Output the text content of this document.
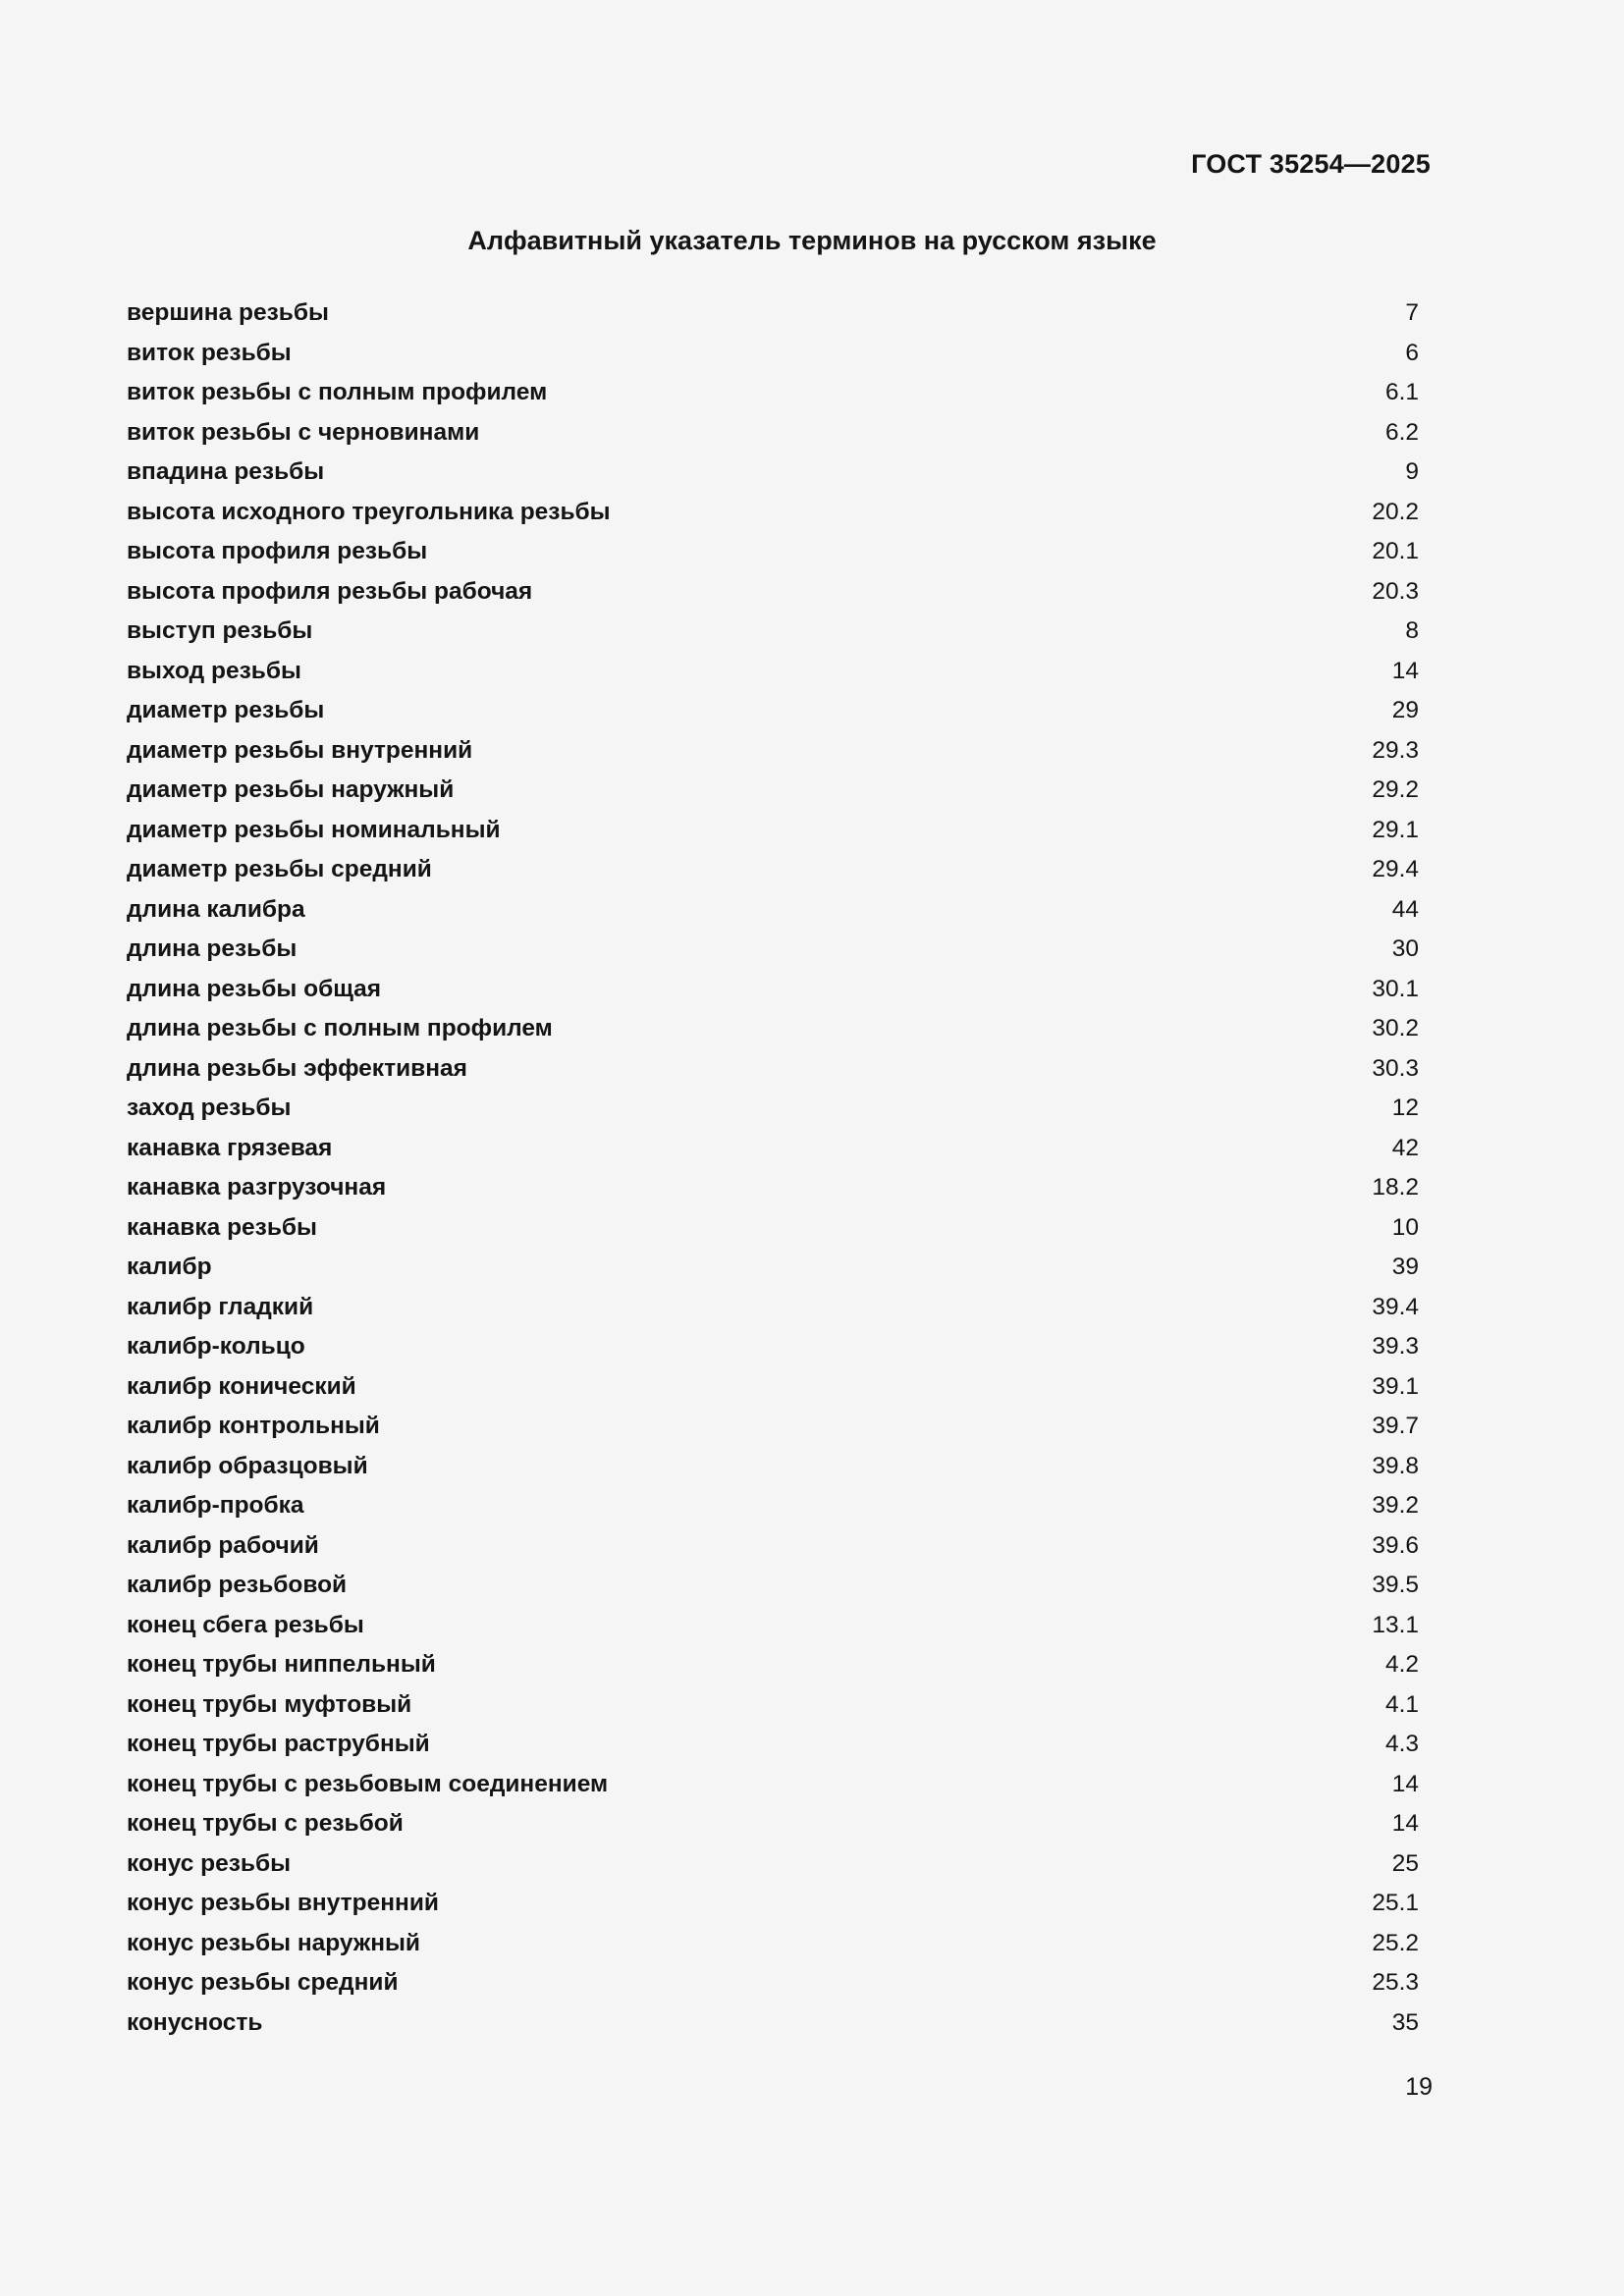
ГОСТ 35254—2025
Алфавитный указатель терминов на русском языке
вершина резьбы	7
виток резьбы	6
виток резьбы с полным профилем	6.1
виток резьбы с черновинами	6.2
впадина резьбы	9
высота исходного треугольника резьбы	20.2
высота профиля резьбы	20.1
высота профиля резьбы рабочая	20.3
выступ резьбы	8
выход резьбы	14
диаметр резьбы	29
диаметр резьбы внутренний	29.3
диаметр резьбы наружный	29.2
диаметр резьбы номинальный	29.1
диаметр резьбы средний	29.4
длина калибра	44
длина резьбы	30
длина резьбы общая	30.1
длина резьбы с полным профилем	30.2
длина резьбы эффективная	30.3
заход резьбы	12
канавка грязевая	42
канавка разгрузочная	18.2
канавка резьбы	10
калибр	39
калибр гладкий	39.4
калибр-кольцо	39.3
калибр конический	39.1
калибр контрольный	39.7
калибр образцовый	39.8
калибр-пробка	39.2
калибр рабочий	39.6
калибр резьбовой	39.5
конец сбега резьбы	13.1
конец трубы ниппельный	4.2
конец трубы муфтовый	4.1
конец трубы раструбный	4.3
конец трубы с резьбовым соединением	14
конец трубы с резьбой	14
конус резьбы	25
конус резьбы внутренний	25.1
конус резьбы наружный	25.2
конус резьбы средний	25.3
конусность	35
19
